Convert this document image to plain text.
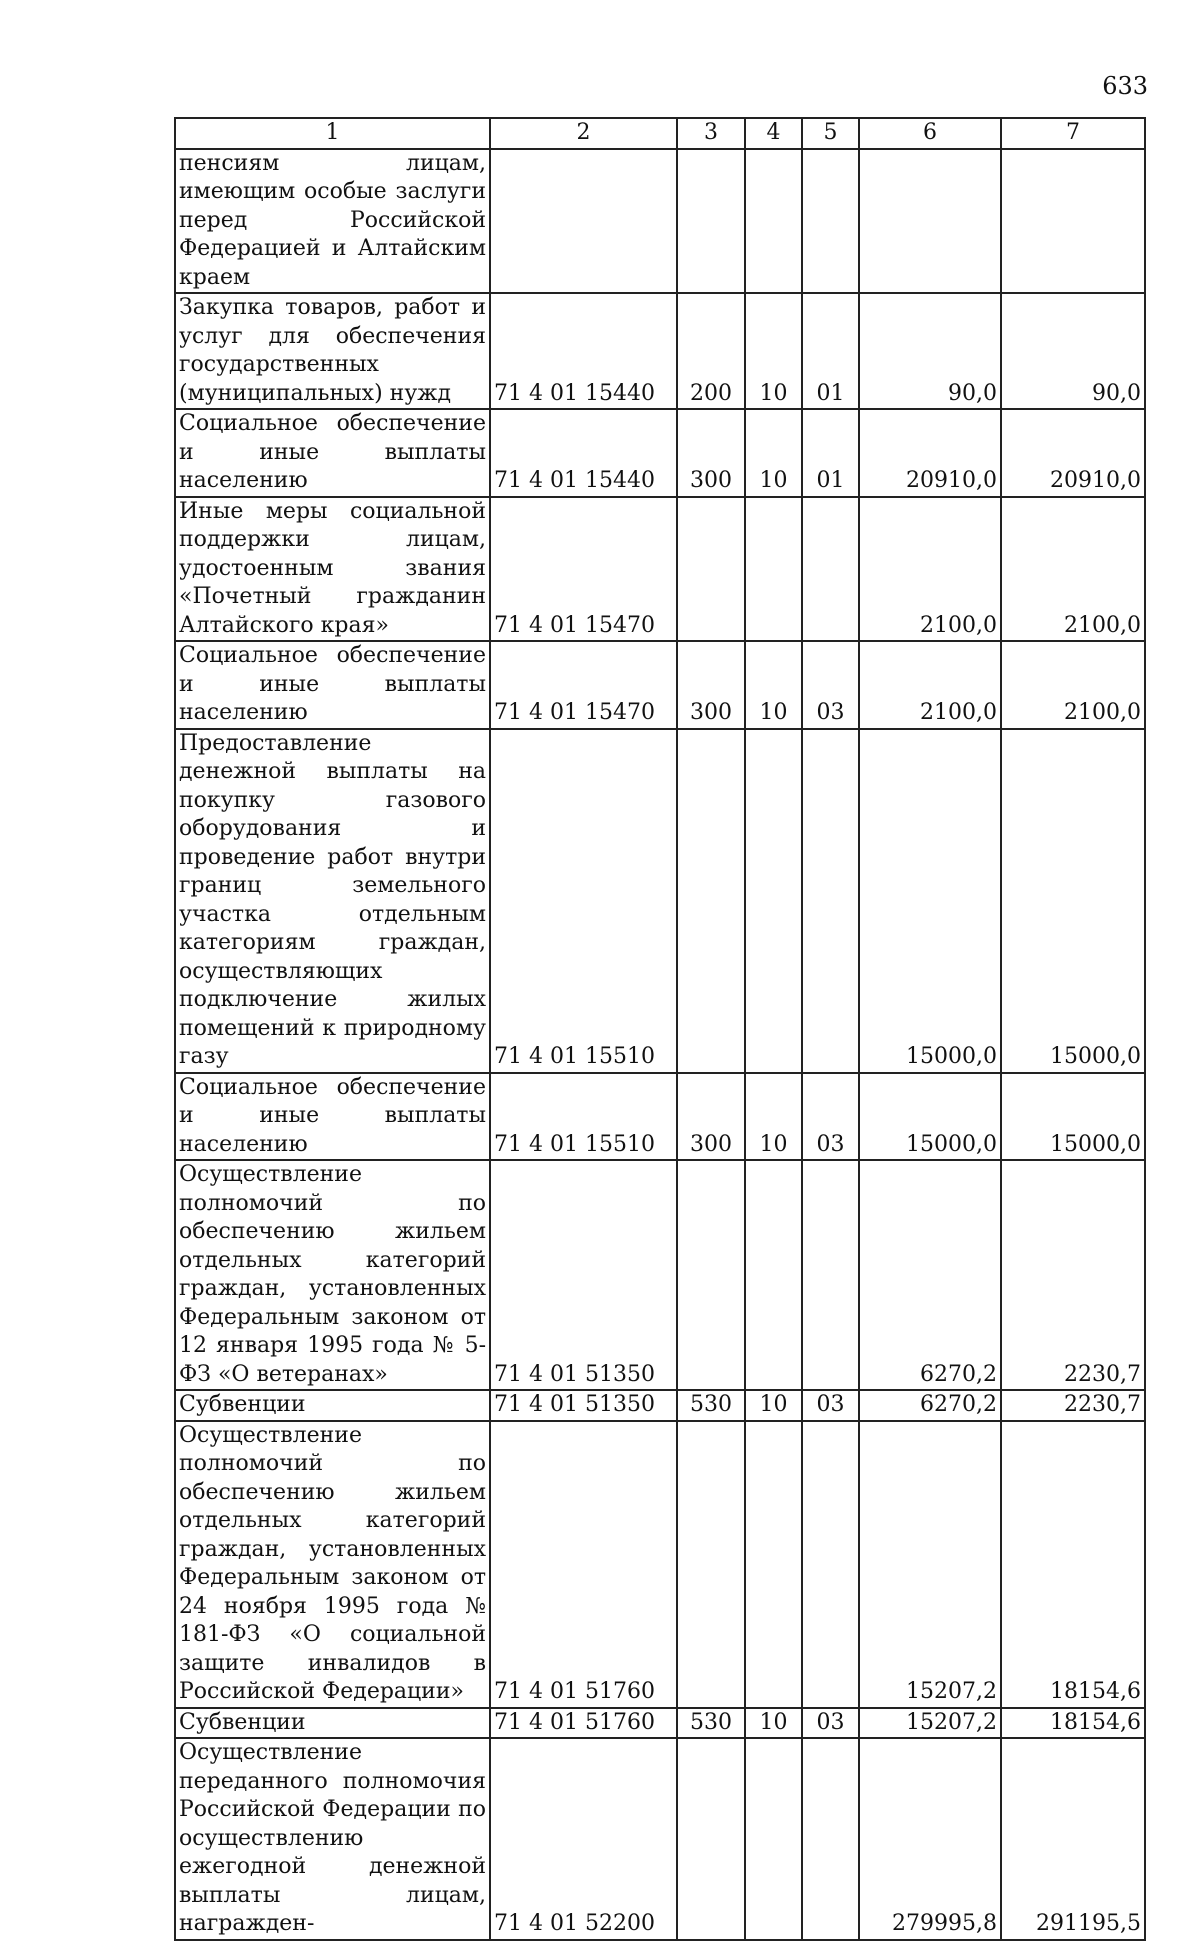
633
1	2	3	4	5	6	7
пенсиям лицам, имеющим особые заслуги перед Российской Федерацией и Алтайским краем						
Закупка товаров, работ и услуг для обеспечения государственных (муниципальных) нужд	71 4 01 15440	200	10	01	90,0	90,0
Социальное обеспечение и иные выплаты населению	71 4 01 15440	300	10	01	20910,0	20910,0
Иные меры социальной поддержки лицам, удостоенным звания «Почетный гражданин Алтайского края»	71 4 01 15470				2100,0	2100,0
Социальное обеспечение и иные выплаты населению	71 4 01 15470	300	10	03	2100,0	2100,0
Предоставление денежной выплаты на покупку газового оборудования и проведение работ внутри границ земельного участка отдельным категориям граждан, осуществляющих подключение жилых помещений к природному газу	71 4 01 15510				15000,0	15000,0
Социальное обеспечение и иные выплаты населению	71 4 01 15510	300	10	03	15000,0	15000,0
Осуществление полномочий по обеспечению жильем отдельных категорий граждан, установленных Федеральным законом от 12 января 1995 года № 5-ФЗ «О ветеранах»	71 4 01 51350				6270,2	2230,7
Субвенции	71 4 01 51350	530	10	03	6270,2	2230,7
Осуществление полномочий по обеспечению жильем отдельных категорий граждан, установленных Федеральным законом от 24 ноября 1995 года № 181-ФЗ «О социальной защите инвалидов в Российской Федерации»	71 4 01 51760				15207,2	18154,6
Субвенции	71 4 01 51760	530	10	03	15207,2	18154,6
Осуществление переданного полномочия Российской Федерации по осуществлению ежегодной денежной выплаты лицам, награжден-	71 4 01 52200				279995,8	291195,5
